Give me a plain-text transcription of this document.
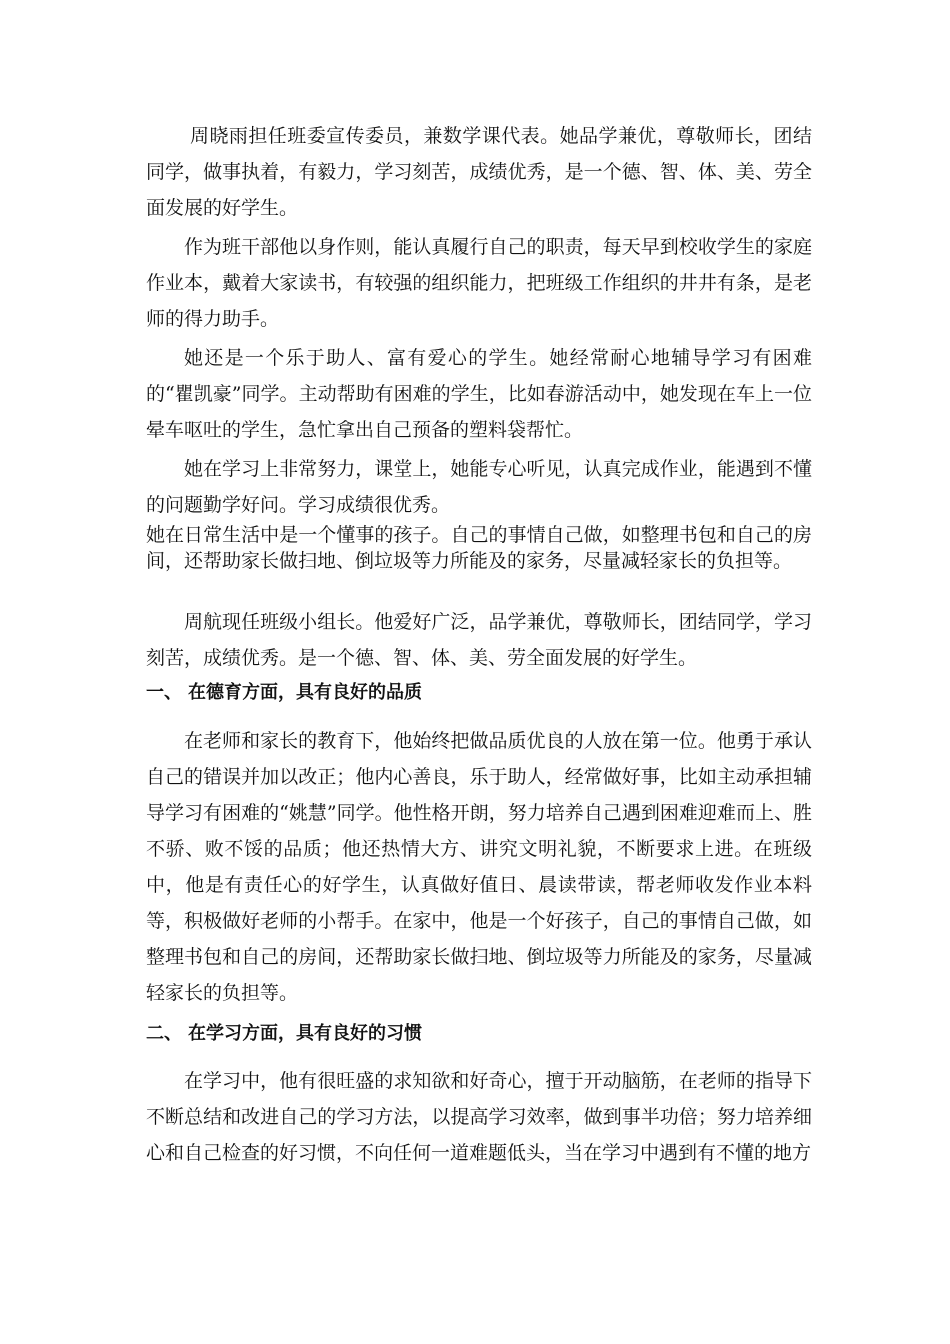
周晓雨担任班委宣传委员，兼数学课代表。她品学兼优，尊敬师长，团结同学，做事执着，有毅力，学习刻苦，成绩优秀，是一个德、智、体、美、劳全面发展的好学生。

作为班干部他以身作则，能认真履行自己的职责，每天早到校收学生的家庭作业本，戴着大家读书，有较强的组织能力，把班级工作组织的井井有条，是老师的得力助手。

她还是一个乐于助人、富有爱心的学生。她经常耐心地辅导学习有困难的“瞿凯豪”同学。主动帮助有困难的学生，比如春游活动中，她发现在车上一位晕车呕吐的学生，急忙拿出自己预备的塑料袋帮忙。

她在学习上非常努力，课堂上，她能专心听见，认真完成作业，能遇到不懂的问题勤学好问。学习成绩很优秀。

她在日常生活中是一个懂事的孩子。自己的事情自己做，如整理书包和自己的房间，还帮助家长做扫地、倒垃圾等力所能及的家务，尽量减轻家长的负担等。

周航现任班级小组长。他爱好广泛，品学兼优，尊敬师长，团结同学，学习刻苦，成绩优秀。是一个德、智、体、美、劳全面发展的好学生。

一、 在德育方面，具有良好的品质

在老师和家长的教育下，他始终把做品质优良的人放在第一位。他勇于承认自己的错误并加以改正；他内心善良，乐于助人，经常做好事，比如主动承担辅导学习有困难的“姚慧”同学。他性格开朗，努力培养自己遇到困难迎难而上、胜不骄、败不馁的品质；他还热情大方、讲究文明礼貌，不断要求上进。在班级中，他是有责任心的好学生，认真做好值日、晨读带读，帮老师收发作业本料等，积极做好老师的小帮手。在家中，他是一个好孩子，自己的事情自己做，如整理书包和自己的房间，还帮助家长做扫地、倒垃圾等力所能及的家务，尽量减轻家长的负担等。

二、 在学习方面，具有良好的习惯

在学习中，他有很旺盛的求知欲和好奇心，擅于开动脑筋，在老师的指导下不断总结和改进自己的学习方法，以提高学习效率，做到事半功倍；努力培养细心和自己检查的好习惯，不向任何一道难题低头，当在学习中遇到有不懂的地方
